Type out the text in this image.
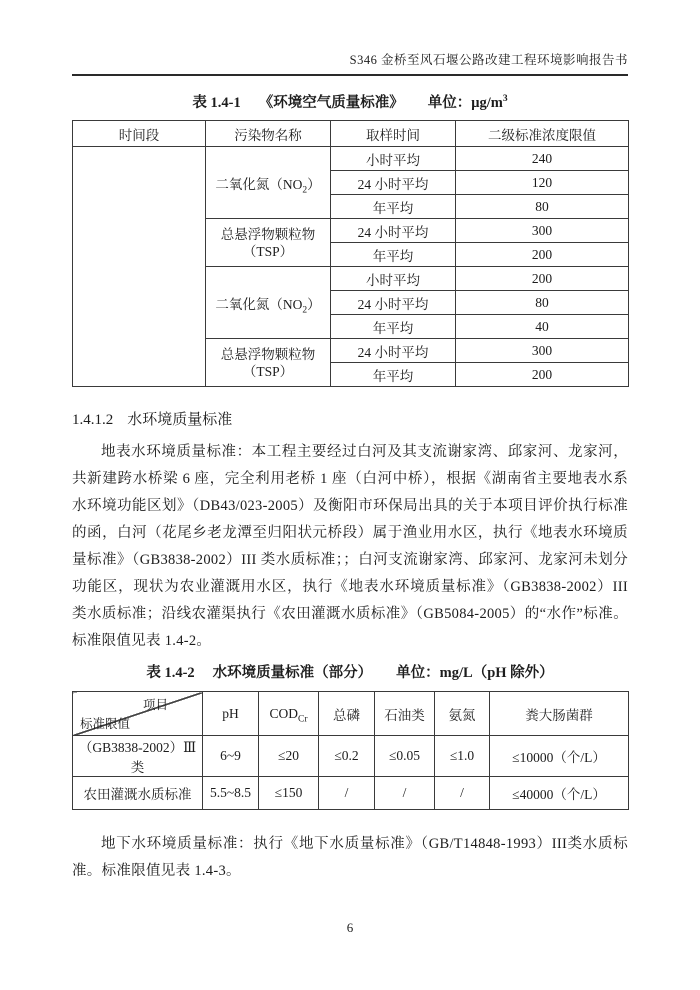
S346 金桥至风石堰公路改建工程环境影响报告书
表 1.4-1 《环境空气质量标准》 单位：$\mu g/m^3$
时间段	污染物名称	取样时间	二级标准浓度限值
	二氧化氮$(NO_2)$	小时平均	240
		24 小时平均	120
		年平均	80

	总悬浮物颗粒物
（TSP）	24 小时平均	300
		年平均	200
	二氧化氮$(NO_2)$	小时平均	200
		24 小时平均	80
		年平均	40

	总悬浮物颗粒物
（TSP）	24 小时平均	300
		年平均	200
1.4.1.2 水环境质量标准
地表水环境质量标准：本工程主要经过白河及其支流谢家湾、邱家河、龙家河，共新建跨水桥梁 6 座，完全利用老桥 1 座（白河中桥），根据《湖南省主要地表水系水环境功能区划》（DB43/023-2005）及衡阳市环保局出具的关于本项目评价执行标准的函，白河（花尾乡老龙潭至归阳状元桥段）属于渔业用水区，执行《地表水环境质量标准》（GB3838-2002）III 类水质标准；；白河支流谢家湾、邱家河、龙家河未划分功能区，现状为农业灌溉用水区，执行《地表水环境质量标准》（GB3838-2002）III 类水质标准；沿线农灌渠执行《农田灌溉水质标准》（GB5084-2005）的“水作”标准。标准限值见表 1.4-2。
表 1.4-2 水环境质量标准（部分） 单位：mg/L（pH 除外）
项目
标准限值	pH	$COD_{Cr}$	总磷	石油类	氨氮	粪大肠菌群
（GB3838-2002）Ⅲ类	6~9	≤20	≤0.2	≤0.05	≤1.0	≤10000（个/L）
农田灌溉水质标准	5.5~8.5	≤150	/	/	/	≤40000（个/L）
地下水环境质量标准：执行《地下水质量标准》（GB/T14848-1993）III类水质标准。标准限值见表 1.4-3。
6
